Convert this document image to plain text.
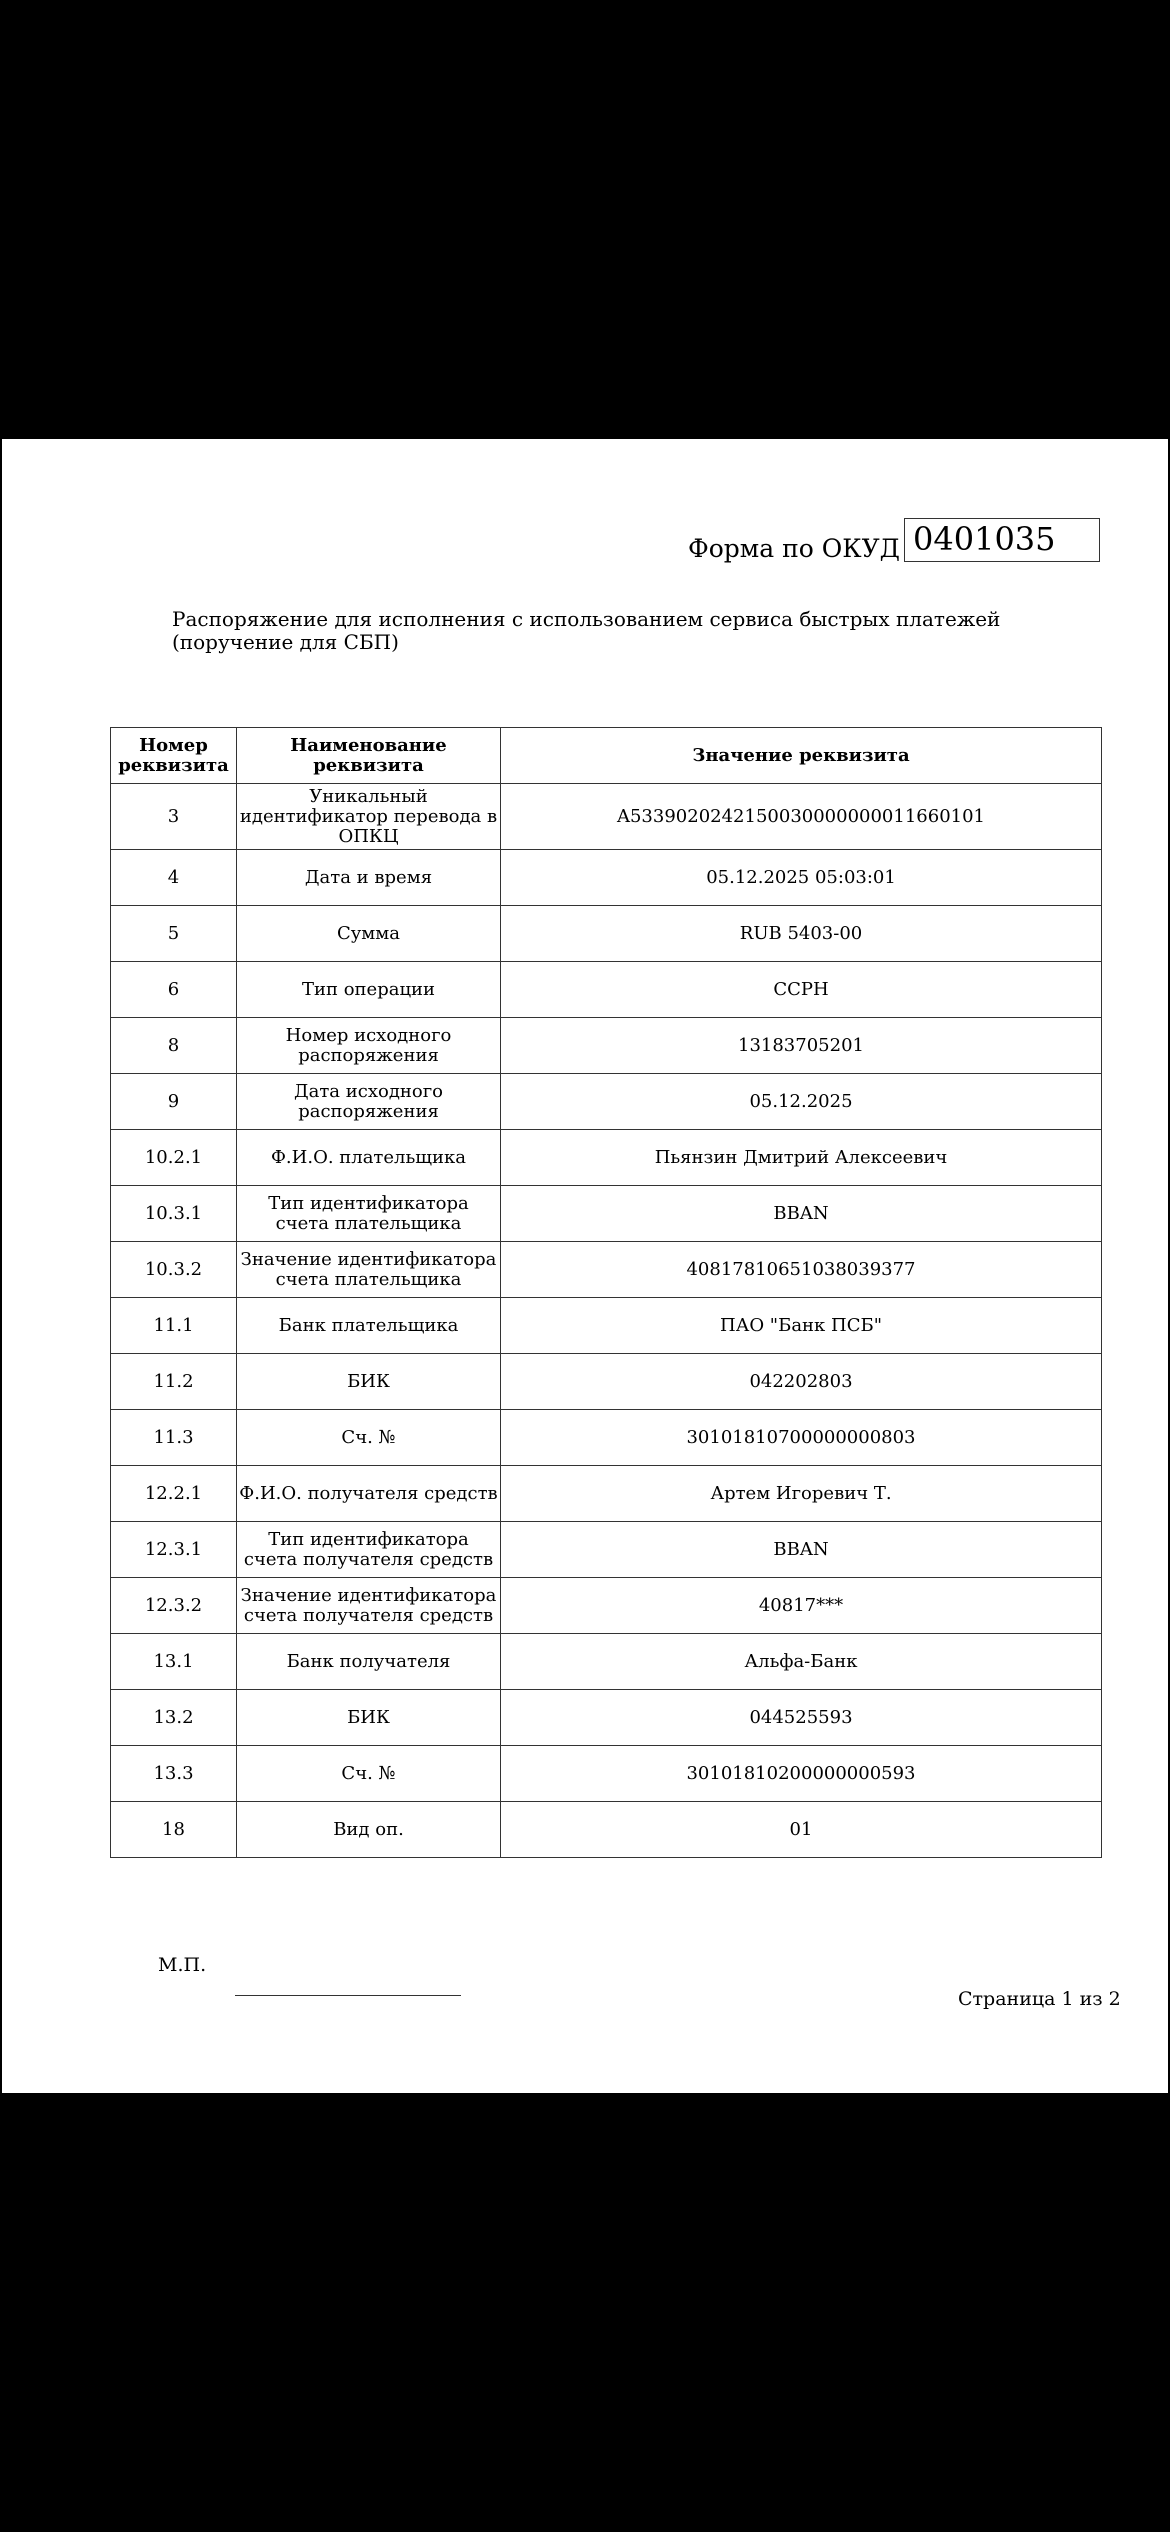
Форма по ОКУД 0401035
Распоряжение для исполнения с использованием сервиса быстрых платежей (поручение для СБП)
Номер реквизита	Наименование реквизита	Значение реквизита
3	Уникальный идентификатор перевода в ОПКЦ	A5339020242150030000000011660101
4	Дата и время	05.12.2025 05:03:01
5	Сумма	RUB 5403-00
6	Тип операции	CCPH
8	Номер исходного распоряжения	13183705201
9	Дата исходного распоряжения	05.12.2025
10.2.1	Ф.И.О. плательщика	Пьянзин Дмитрий Алексеевич
10.3.1	Тип идентификатора счета плательщика	BBAN
10.3.2	Значение идентификатора счета плательщика	40817810651038039377
11.1	Банк плательщика	ПАО "Банк ПСБ"
11.2	БИК	042202803
11.3	Сч. №	30101810700000000803
12.2.1	Ф.И.О. получателя средств	Артем Игоревич Т.
12.3.1	Тип идентификатора счета получателя средств	BBAN
12.3.2	Значение идентификатора счета получателя средств	40817***
13.1	Банк получателя	Альфа-Банк
13.2	БИК	044525593
13.3	Сч. №	30101810200000000593
18	Вид оп.	01
М.П.
Страница 1 из 2
